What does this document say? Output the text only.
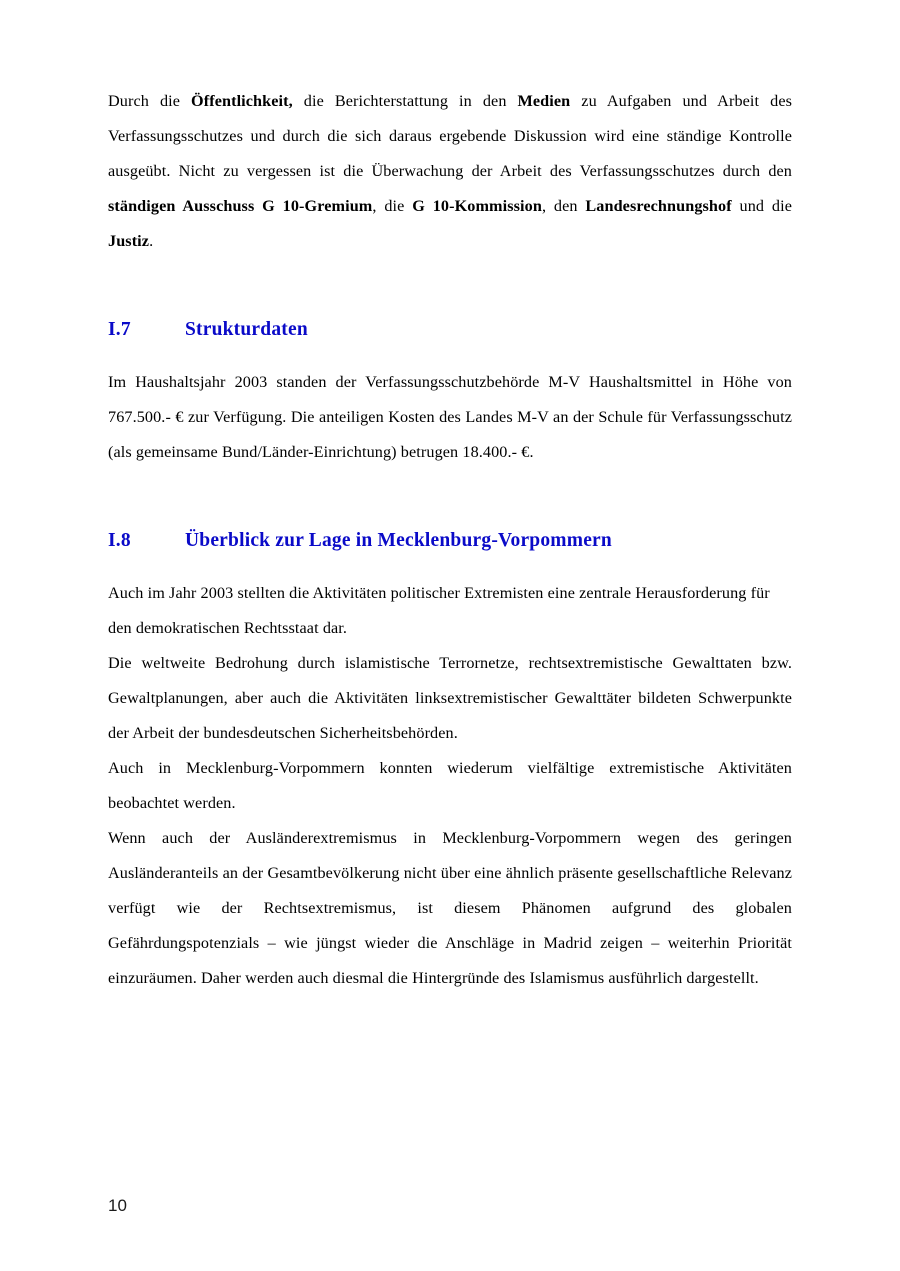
Durch die Öffentlichkeit, die Berichterstattung in den Medien zu Aufgaben und Arbeit des Verfassungsschutzes und durch die sich daraus ergebende Diskussion wird eine ständige Kontrolle ausgeübt. Nicht zu vergessen ist die Überwachung der Arbeit des Verfassungsschutzes durch den ständigen Ausschuss G 10-Gremium, die G 10-Kommission, den Landesrechnungshof und die Justiz.

I.7	Strukturdaten

Im Haushaltsjahr 2003 standen der Verfassungsschutzbehörde M-V Haushaltsmittel in Höhe von 767.500.- € zur Verfügung. Die anteiligen Kosten des Landes M-V an der Schule für Verfassungsschutz (als gemeinsame Bund/Länder-Einrichtung) betrugen 18.400.- €.

I.8	Überblick zur Lage in Mecklenburg-Vorpommern

Auch im Jahr 2003 stellten die Aktivitäten politischer Extremisten eine zentrale Herausforderung für den demokratischen Rechtsstaat dar.

Die weltweite Bedrohung durch islamistische Terrornetze, rechtsextremistische Gewalttaten bzw. Gewaltplanungen, aber auch die Aktivitäten linksextremistischer Gewalttäter bildeten Schwerpunkte der Arbeit der bundesdeutschen Sicherheitsbehörden.

Auch in Mecklenburg-Vorpommern konnten wiederum vielfältige extremistische Aktivitäten beobachtet werden.

Wenn auch der Ausländerextremismus in Mecklenburg-Vorpommern wegen des geringen Ausländeranteils an der Gesamtbevölkerung nicht über eine ähnlich präsente gesellschaftliche Relevanz verfügt wie der Rechtsextremismus, ist diesem Phänomen aufgrund des globalen Gefährdungspotenzials – wie jüngst wieder die Anschläge in Madrid zeigen – weiterhin Priorität einzuräumen. Daher werden auch diesmal die Hintergründe des Islamismus ausführlich dargestellt.

10
